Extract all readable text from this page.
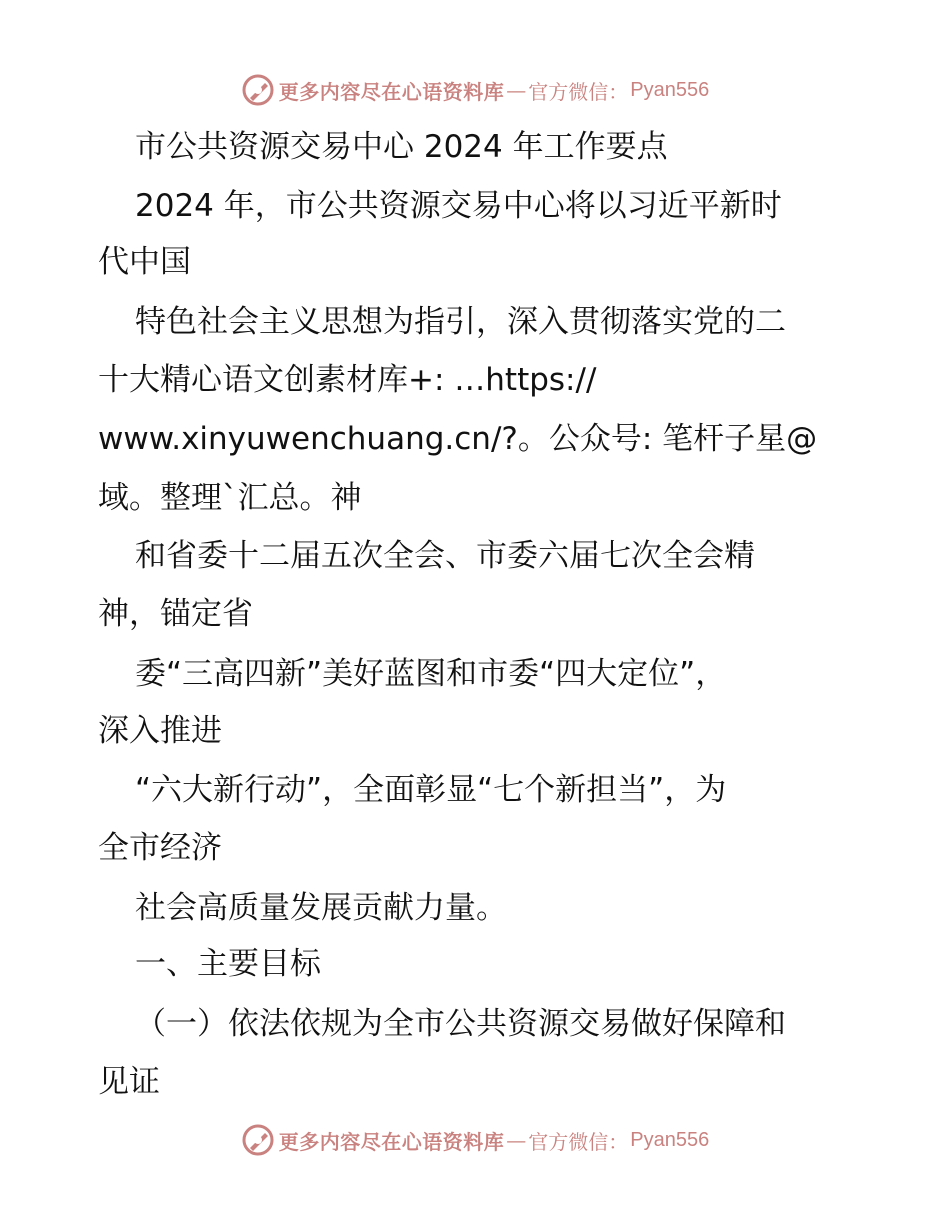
更多内容尽在心语资料库 — 官方微信： Pyan556
市公共资源交易中心 2024 年工作要点
2024 年，市公共资源交易中心将以习近平新时
代中国
特色社会主义思想为指引，深入贯彻落实党的二
十大精心语文创素材库+: …https://
www.xinyuwenchuang.cn/?。公众号: 笔杆子星@
域。整理`汇总。神
和省委十二届五次全会、市委六届七次全会精
神，锚定省
委“三高四新”美好蓝图和市委“四大定位”，
深入推进
“六大新行动”，全面彰显“七个新担当”，为
全市经济
社会高质量发展贡献力量。
一、主要目标
（一）依法依规为全市公共资源交易做好保障和
见证
更多内容尽在心语资料库 — 官方微信： Pyan556
